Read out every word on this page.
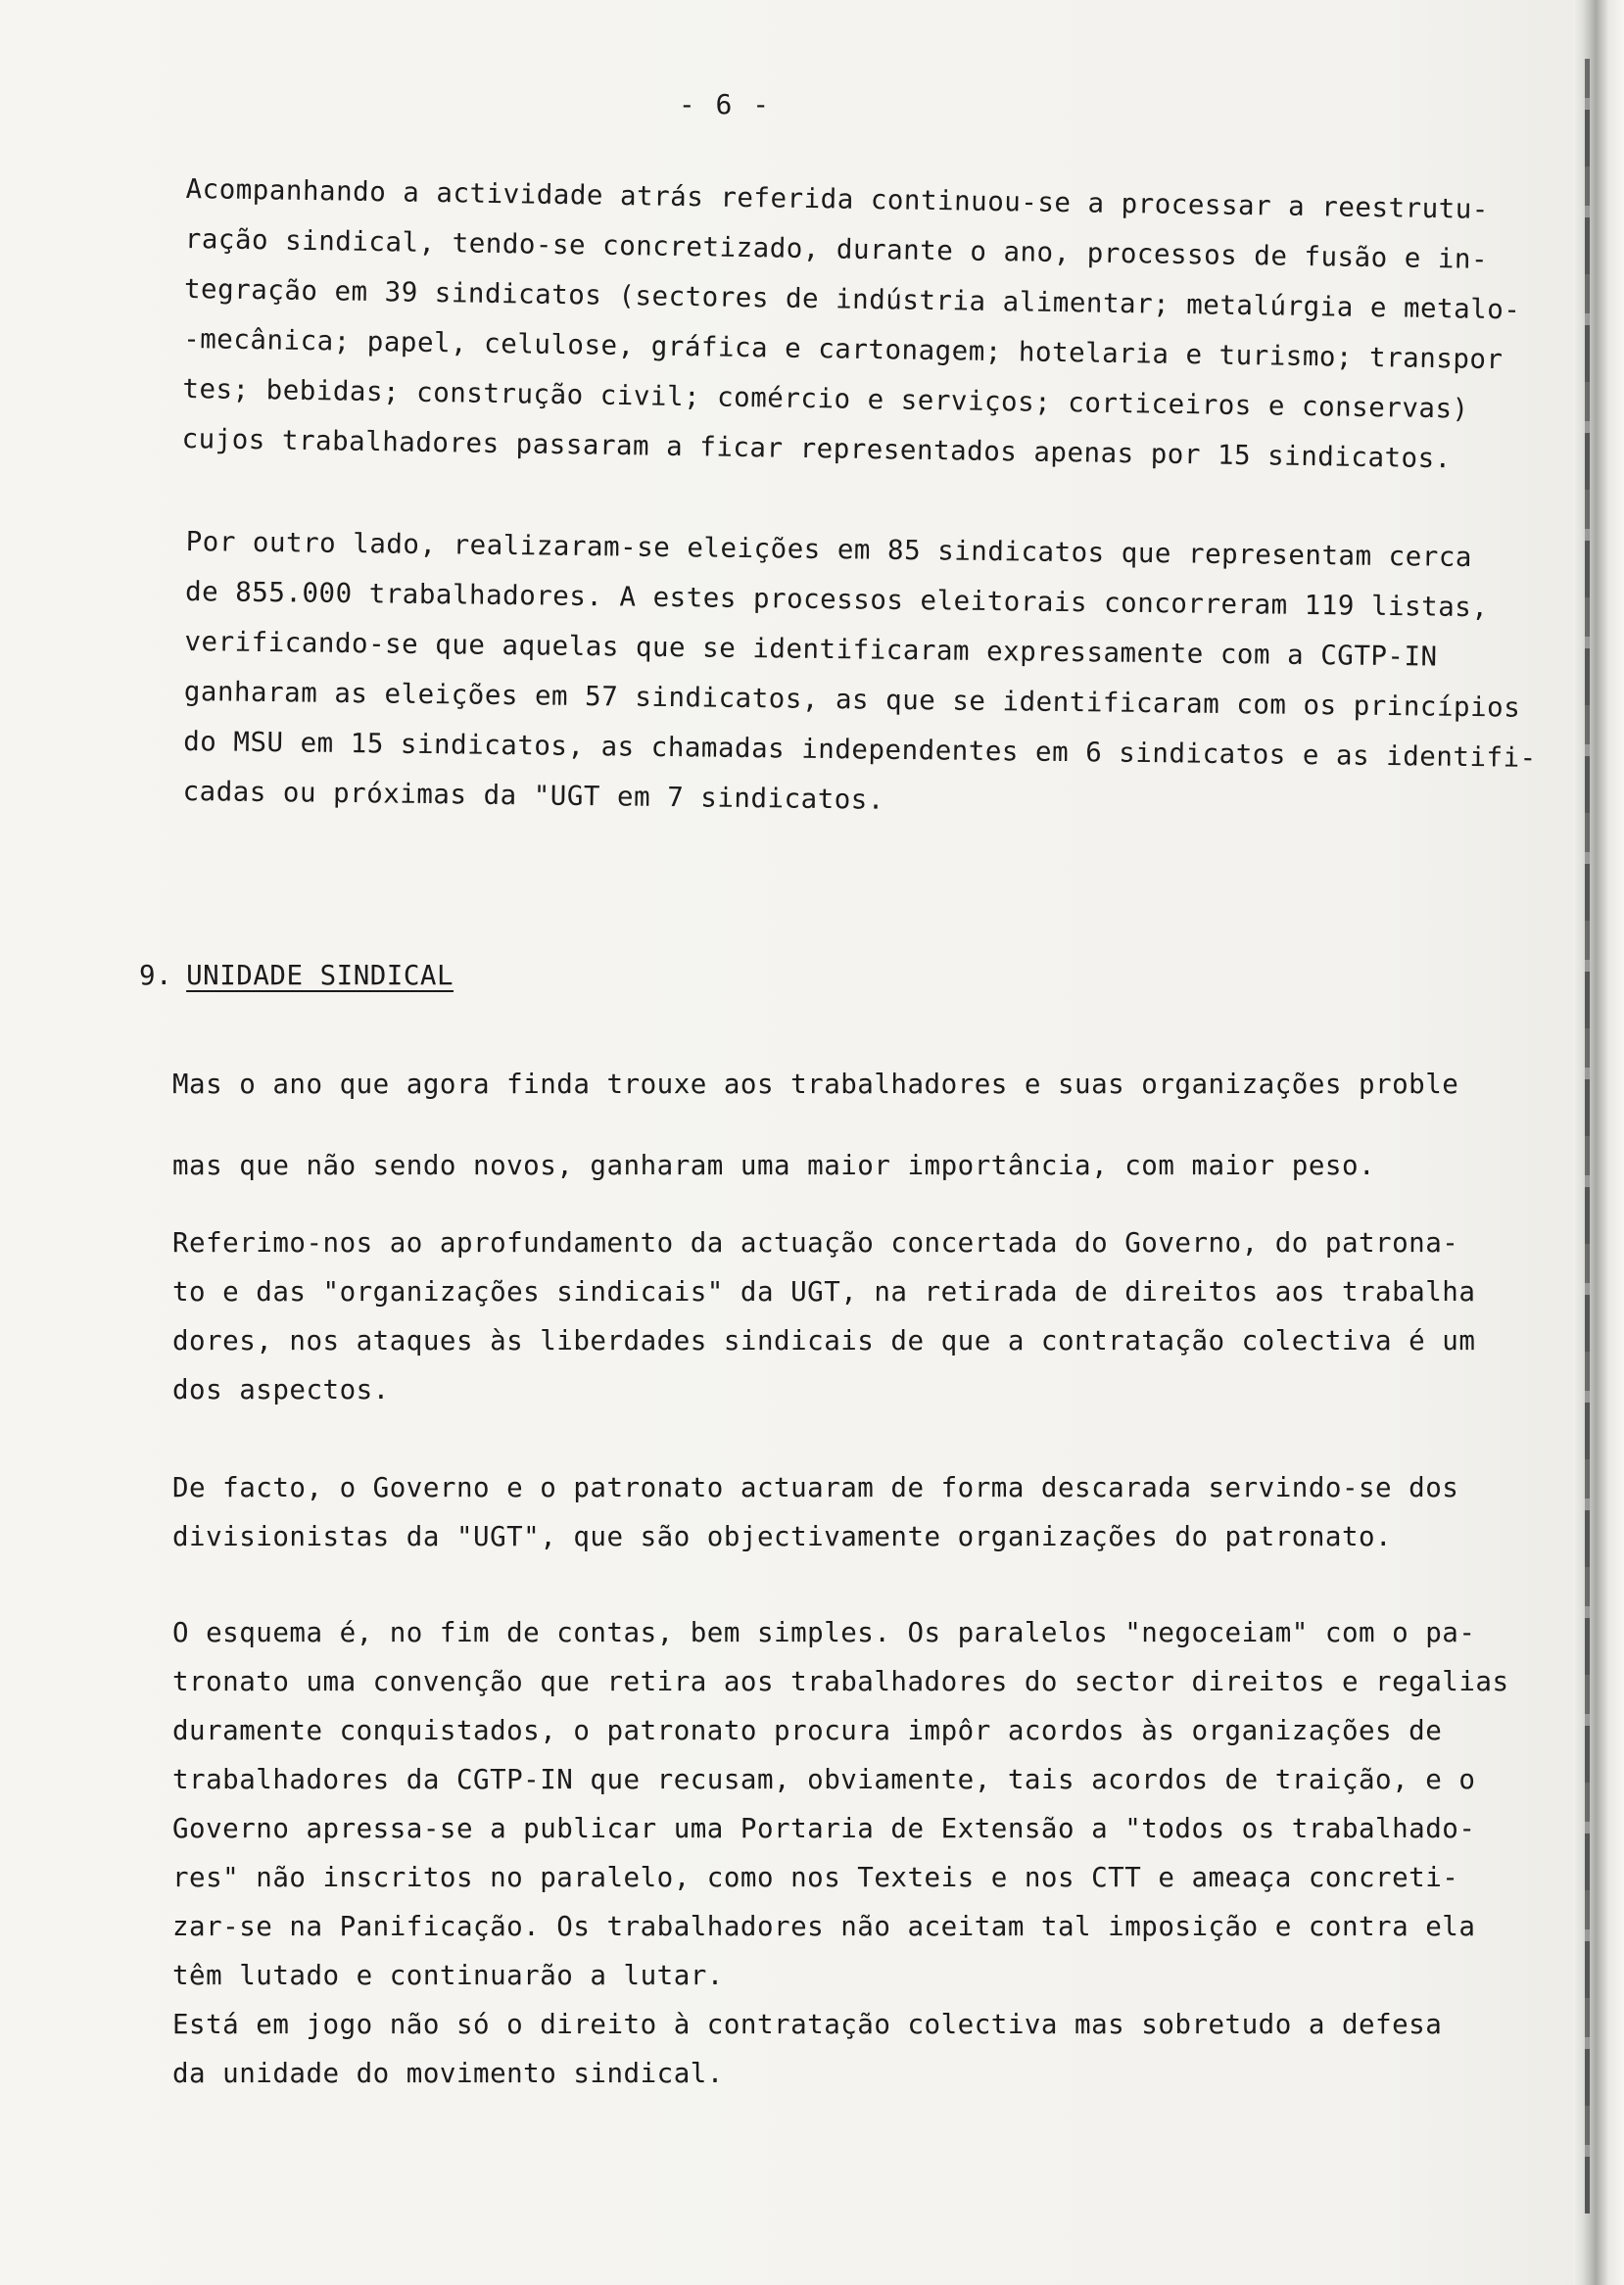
- 6 -
Acompanhando a actividade atrás referida continuou-se a processar a reestrutu-
ração sindical, tendo-se concretizado, durante o ano, processos de fusão e in-
tegração em 39 sindicatos (sectores de indústria alimentar; metalúrgia e metalo-
-mecânica; papel, celulose, gráfica e cartonagem; hotelaria e turismo; transpor
tes; bebidas; construção civil; comércio e serviços; corticeiros e conservas)
cujos trabalhadores passaram a ficar representados apenas por 15 sindicatos.
Por outro lado, realizaram-se eleições em 85 sindicatos que representam cerca
de 855.000 trabalhadores. A estes processos eleitorais concorreram 119 listas,
verificando-se que aquelas que se identificaram expressamente com a CGTP-IN
ganharam as eleições em 57 sindicatos, as que se identificaram com os princípios
do MSU em 15 sindicatos, as chamadas independentes em 6 sindicatos e as identifi-
cadas ou próximas da "UGT em 7 sindicatos.
9. UNIDADE SINDICAL
Mas o ano que agora finda trouxe aos trabalhadores e suas organizações proble
mas que não sendo novos, ganharam uma maior importância, com maior peso.
Referimo-nos ao aprofundamento da actuação concertada do Governo, do patrona-
to e das "organizações sindicais" da UGT, na retirada de direitos aos trabalha
dores, nos ataques às liberdades sindicais de que a contratação colectiva é um
dos aspectos.
De facto, o Governo e o patronato actuaram de forma descarada servindo-se dos
divisionistas da "UGT", que são objectivamente organizações do patronato.
O esquema é, no fim de contas, bem simples. Os paralelos "negoceiam" com o pa-
tronato uma convenção que retira aos trabalhadores do sector direitos e regalias
duramente conquistados, o patronato procura impôr acordos às organizações de
trabalhadores da CGTP-IN que recusam, obviamente, tais acordos de traição, e o
Governo apressa-se a publicar uma Portaria de Extensão a "todos os trabalhado-
res" não inscritos no paralelo, como nos Texteis e nos CTT e ameaça concreti-
zar-se na Panificação. Os trabalhadores não aceitam tal imposição e contra ela
têm lutado e continuarão a lutar.
Está em jogo não só o direito à contratação colectiva mas sobretudo a defesa
da unidade do movimento sindical.
